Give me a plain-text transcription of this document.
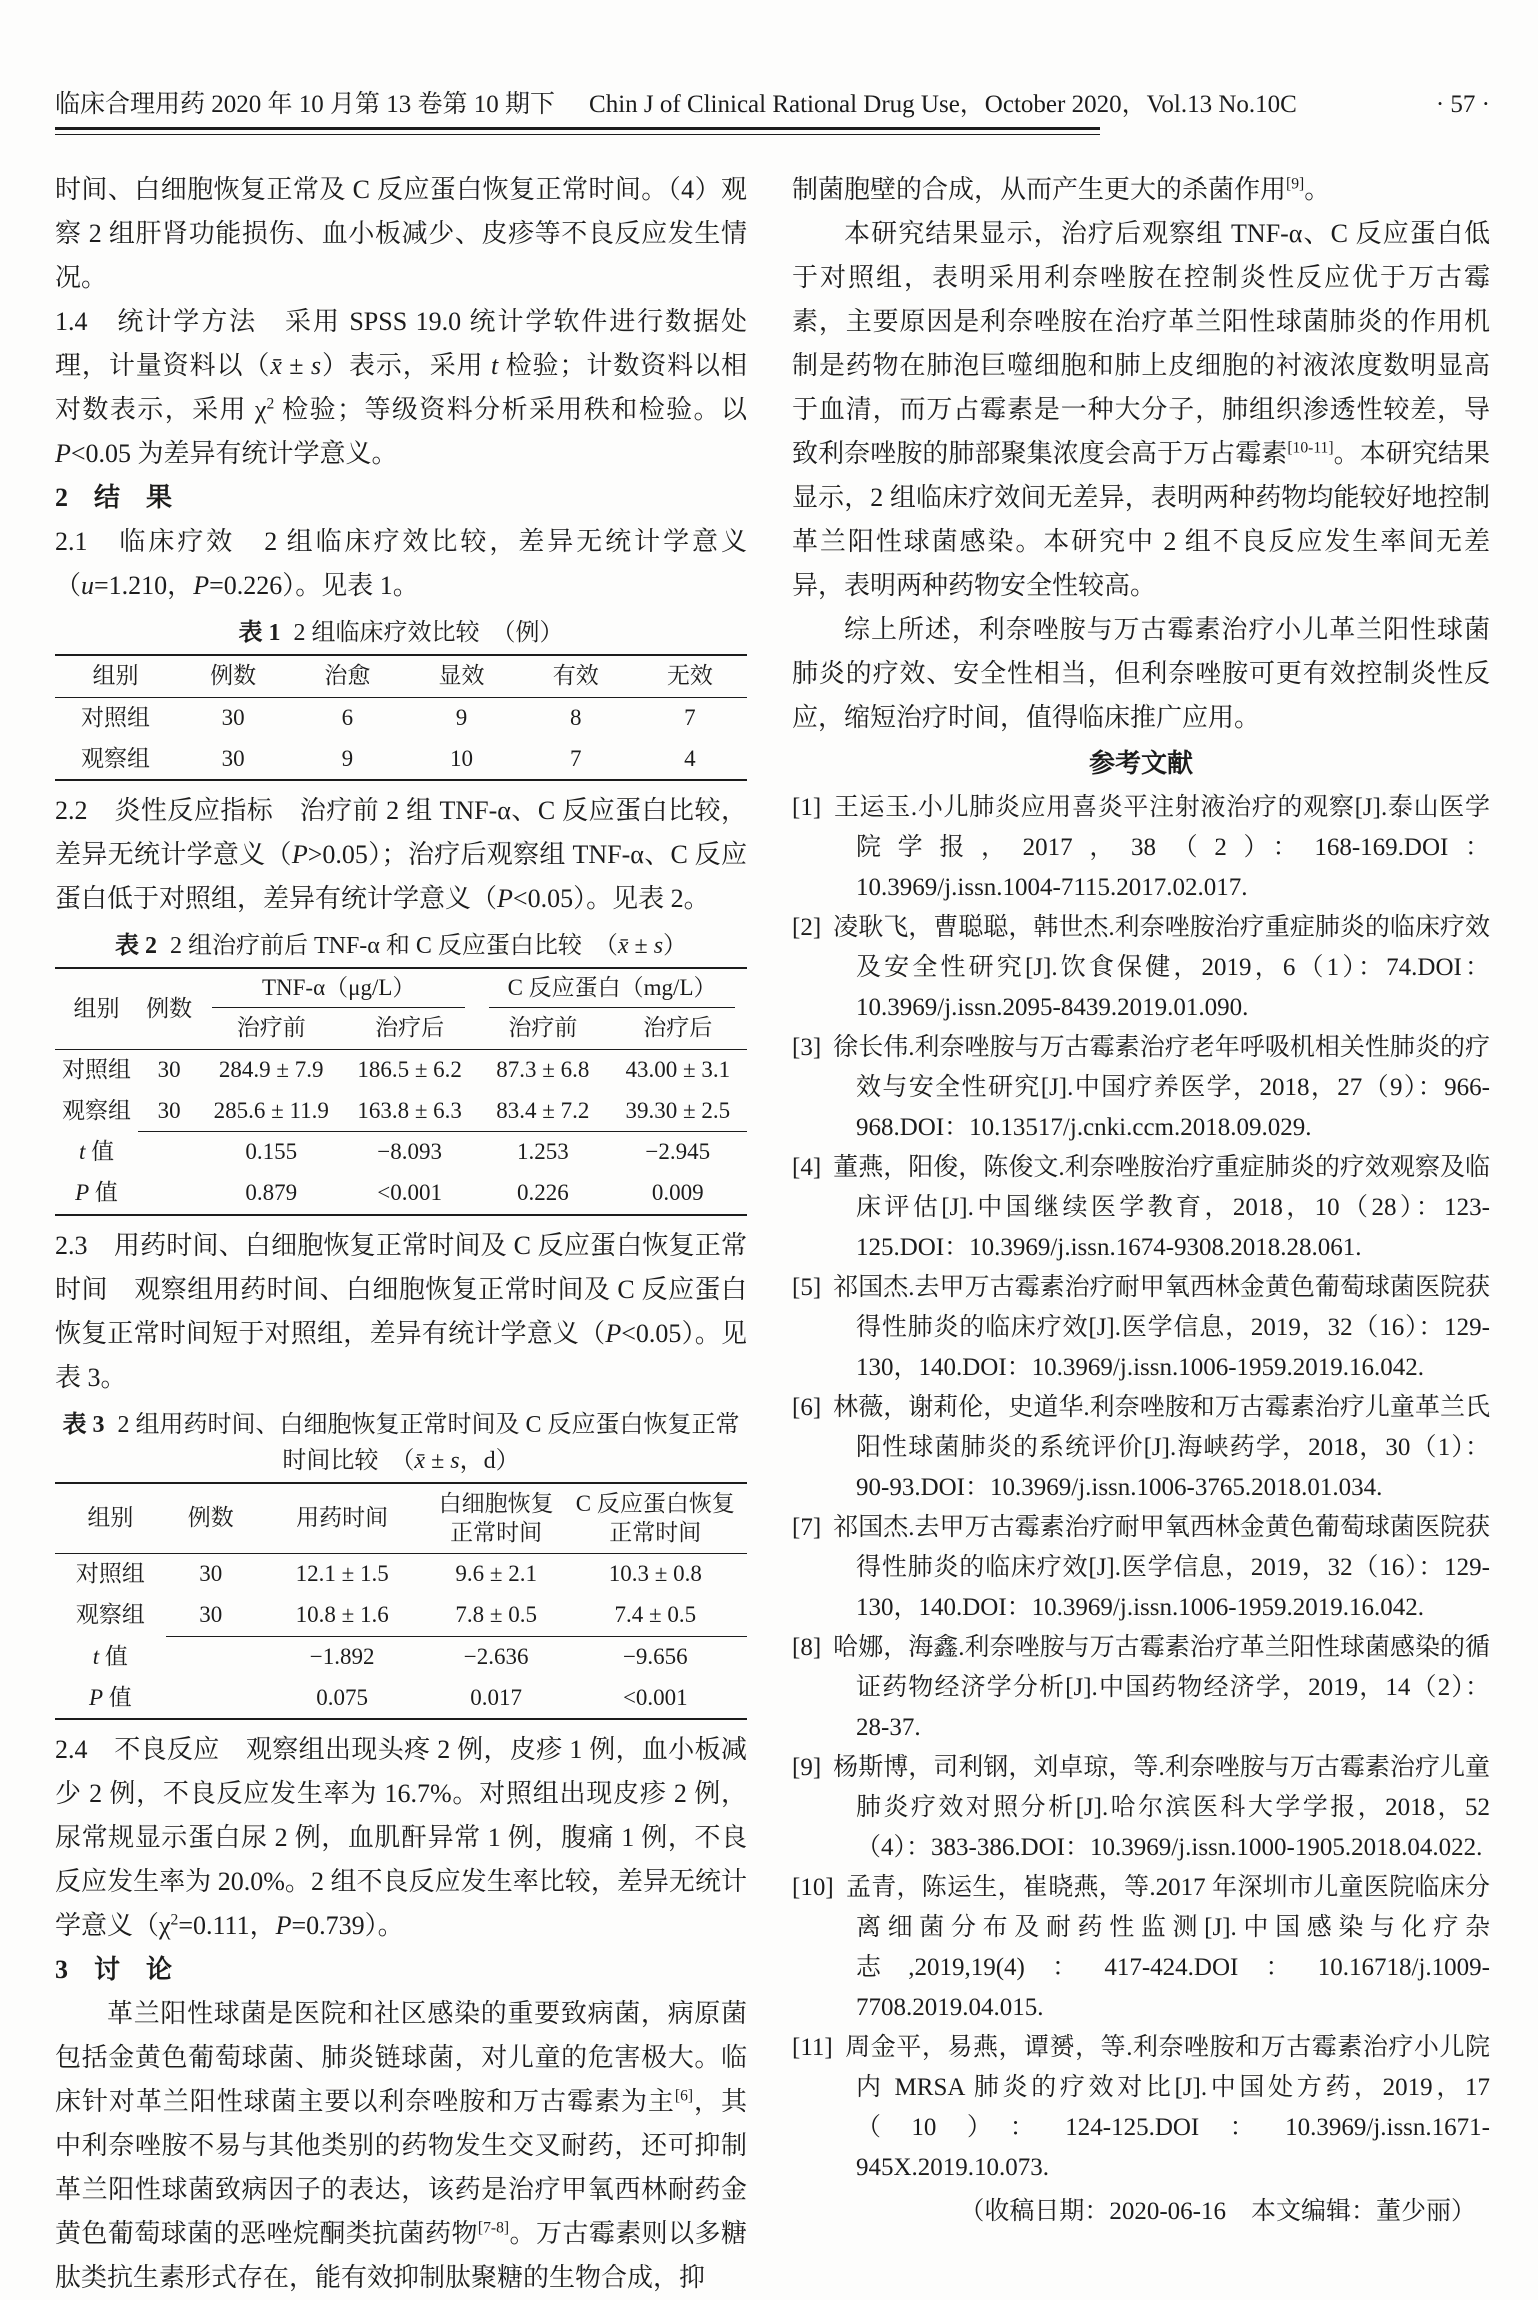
临床合理用药 2020 年 10 月第 13 卷第 10 期下 Chin J of Clinical Rational Drug Use，October 2020，Vol.13 No.10C	· 57 ·

时间、白细胞恢复正常及 C 反应蛋白恢复正常时间。（4）观察 2 组肝肾功能损伤、血小板减少、皮疹等不良反应发生情况。

1.4　统计学方法　采用 SPSS 19.0 统计学软件进行数据处理，计量资料以（x̄ ± s）表示，采用 t 检验；计数资料以相对数表示，采用 $\chi^2$ 检验；等级资料分析采用秩和检验。以 P<0.05 为差异有统计学意义。

2　结　果

2.1　临床疗效　2 组临床疗效比较，差异无统计学意义（u=1.210，P=0.226）。见表 1。

表 1 2 组临床疗效比较　（例）
组别	例数	治愈	显效	有效	无效
对照组	30	6	9	8	7
观察组	30	9	10	7	4

2.2　炎性反应指标　治疗前 2 组 TNF-α、C 反应蛋白比较，差异无统计学意义（P>0.05）；治疗后观察组 TNF-α、C 反应蛋白低于对照组，差异有统计学意义（P<0.05）。见表 2。

表 2 2 组治疗前后 TNF-α 和 C 反应蛋白比较　（x̄ ± s）
组别	例数	TNF-α（μg/L）		C 反应蛋白（mg/L）	

		治疗前	治疗后	治疗前	治疗后
对照组	30	284.9 ± 7.9	186.5 ± 6.2	87.3 ± 6.8	43.00 ± 3.1
观察组	30	285.6 ± 11.9	163.8 ± 6.3	83.4 ± 7.2	39.30 ± 2.5
t 值		0.155	−8.093	1.253	−2.945
P 值		0.879	<0.001	0.226	0.009

2.3　用药时间、白细胞恢复正常时间及 C 反应蛋白恢复正常时间　观察组用药时间、白细胞恢复正常时间及 C 反应蛋白恢复正常时间短于对照组，差异有统计学意义（P<0.05）。见表 3。

表 3 2 组用药时间、白细胞恢复正常时间及 C 反应蛋白恢复正常时间比较　（x̄ ± s，d）
组别	例数	用药时间	白细胞恢复正常时间	C 反应蛋白恢复正常时间
对照组	30	12.1 ± 1.5	9.6 ± 2.1	10.3 ± 0.8
观察组	30	10.8 ± 1.6	7.8 ± 0.5	7.4 ± 0.5
t 值		−1.892	−2.636	−9.656
P 值		0.075	0.017	<0.001

2.4　不良反应　观察组出现头疼 2 例，皮疹 1 例，血小板减少 2 例，不良反应发生率为 16.7%。对照组出现皮疹 2 例，尿常规显示蛋白尿 2 例，血肌酐异常 1 例，腹痛 1 例，不良反应发生率为 20.0%。2 组不良反应发生率比较，差异无统计学意义（$\chi^2=0.111$，P=0.739）。

3　讨　论

革兰阳性球菌是医院和社区感染的重要致病菌，病原菌包括金黄色葡萄球菌、肺炎链球菌，对儿童的危害极大。临床针对革兰阳性球菌主要以利奈唑胺和万古霉素为主[6]，其中利奈唑胺不易与其他类别的药物发生交叉耐药，还可抑制革兰阳性球菌致病因子的表达，该药是治疗甲氧西林耐药金黄色葡萄球菌的恶唑烷酮类抗菌药物[7-8]。万古霉素则以多糖肽类抗生素形式存在，能有效抑制肽聚糖的生物合成，抑

制菌胞壁的合成，从而产生更大的杀菌作用[9]。

本研究结果显示，治疗后观察组 TNF-α、C 反应蛋白低于对照组，表明采用利奈唑胺在控制炎性反应优于万古霉素，主要原因是利奈唑胺在治疗革兰阳性球菌肺炎的作用机制是药物在肺泡巨噬细胞和肺上皮细胞的衬液浓度数明显高于血清，而万占霉素是一种大分子，肺组织渗透性较差，导致利奈唑胺的肺部聚集浓度会高于万占霉素[10-11]。本研究结果显示，2 组临床疗效间无差异，表明两种药物均能较好地控制革兰阳性球菌感染。本研究中 2 组不良反应发生率间无差异，表明两种药物安全性较高。

综上所述，利奈唑胺与万古霉素治疗小儿革兰阳性球菌肺炎的疗效、安全性相当，但利奈唑胺可更有效控制炎性反应，缩短治疗时间，值得临床推广应用。

参考文献

[1] 王运玉.小儿肺炎应用喜炎平注射液治疗的观察[J].泰山医学院学报，2017，38（2）：168-169.DOI：10.3969/j.issn.1004-7115.2017.02.017.

[2] 凌耿飞，曹聪聪，韩世杰.利奈唑胺治疗重症肺炎的临床疗效及安全性研究[J].饮食保健，2019，6（1）：74.DOI：10.3969/j.issn.2095-8439.2019.01.090.

[3] 徐长伟.利奈唑胺与万古霉素治疗老年呼吸机相关性肺炎的疗效与安全性研究[J].中国疗养医学，2018，27（9）：966-968.DOI：10.13517/j.cnki.ccm.2018.09.029.

[4] 董燕，阳俊，陈俊文.利奈唑胺治疗重症肺炎的疗效观察及临床评估[J].中国继续医学教育，2018，10（28）：123-125.DOI：10.3969/j.issn.1674-9308.2018.28.061.

[5] 祁国杰.去甲万古霉素治疗耐甲氧西林金黄色葡萄球菌医院获得性肺炎的临床疗效[J].医学信息，2019，32（16）：129-130，140.DOI：10.3969/j.issn.1006-1959.2019.16.042.

[6] 林薇，谢莉伦，史道华.利奈唑胺和万古霉素治疗儿童革兰氏阳性球菌肺炎的系统评价[J].海峡药学，2018，30（1）：90-93.DOI：10.3969/j.issn.1006-3765.2018.01.034.

[7] 祁国杰.去甲万古霉素治疗耐甲氧西林金黄色葡萄球菌医院获得性肺炎的临床疗效[J].医学信息，2019，32（16）：129-130，140.DOI：10.3969/j.issn.1006-1959.2019.16.042.

[8] 哈娜，海鑫.利奈唑胺与万古霉素治疗革兰阳性球菌感染的循证药物经济学分析[J].中国药物经济学，2019，14（2）：28-37.

[9] 杨斯博，司利钢，刘卓琼，等.利奈唑胺与万古霉素治疗儿童肺炎疗效对照分析[J].哈尔滨医科大学学报，2018，52（4）：383-386.DOI：10.3969/j.issn.1000-1905.2018.04.022.

[10] 孟青，陈运生，崔晓燕，等.2017 年深圳市儿童医院临床分离细菌分布及耐药性监测[J].中国感染与化疗杂志,2019,19(4)：417-424.DOI：10.16718/j.1009-7708.2019.04.015.

[11] 周金平，易燕，谭赟，等.利奈唑胺和万古霉素治疗小儿院内 MRSA 肺炎的疗效对比[J].中国处方药，2019，17（10）：124-125.DOI：10.3969/j.issn.1671-945X.2019.10.073.

（收稿日期：2020-06-16　本文编辑：董少丽）
